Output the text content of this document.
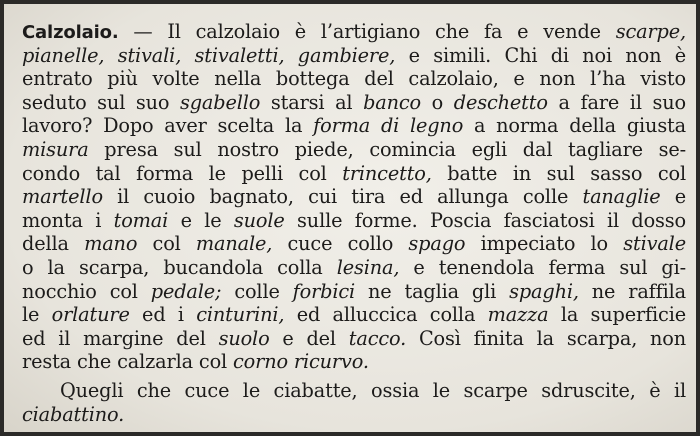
Calzolaio. — Il calzolaio è l’artigiano che fa e vende scarpe,
pianelle, stivali, stivaletti, gambiere, e simili. Chi di noi non è
entrato più volte nella bottega del calzolaio, e non l’ha visto
seduto sul suo sgabello starsi al banco o deschetto a fare il suo
lavoro? Dopo aver scelta la forma di legno a norma della giusta
misura presa sul nostro piede, comincia egli dal tagliare se-
condo tal forma le pelli col trincetto, batte in sul sasso col
martello il cuoio bagnato, cui tira ed allunga colle tanaglie e
monta i tomai e le suole sulle forme. Poscia fasciatosi il dosso
della mano col manale, cuce collo spago impeciato lo stivale
o la scarpa, bucandola colla lesina, e tenendola ferma sul gi-
nocchio col pedale; colle forbici ne taglia gli spaghi, ne raffila
le orlature ed i cinturini, ed alluccica colla mazza la superficie
ed il margine del suolo e del tacco. Così finita la scarpa, non
resta che calzarla col corno ricurvo.
Quegli che cuce le ciabatte, ossia le scarpe sdruscite, è il
ciabattino.
